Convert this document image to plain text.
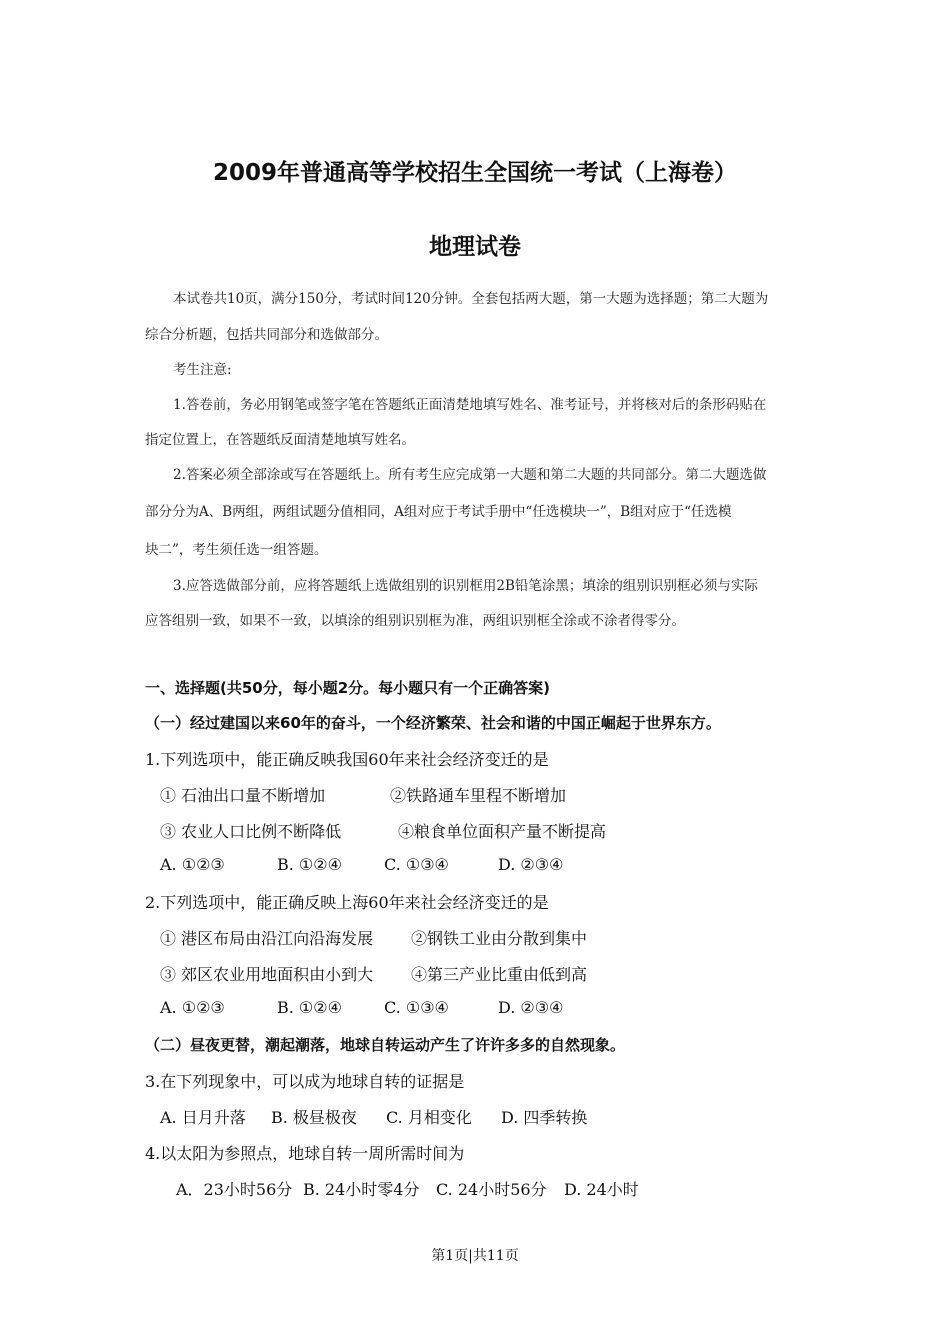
2009年普通高等学校招生全国统一考试（上海卷）
地理试卷
本试卷共10页，满分150分，考试时间120分钟。全套包括两大题，第一大题为选择题；第二大题为
综合分析题，包括共同部分和选做部分。
考生注意:
1.答卷前，务必用钢笔或签字笔在答题纸正面清楚地填写姓名、准考证号，并将核对后的条形码贴在
指定位置上，在答题纸反面清楚地填写姓名。
2.答案必须全部涂或写在答题纸上。所有考生应完成第一大题和第二大题的共同部分。第二大题选做
部分分为A、B两组，两组试题分值相同，A组对应于考试手册中“任选模块一”，B组对应于“任选模
块二”，考生须任选一组答题。
3.应答选做部分前，应将答题纸上选做组别的识别框用2B铅笔涂黑；填涂的组别识别框必须与实际
应答组别一致，如果不一致，以填涂的组别识别框为准，两组识别框全涂或不涂者得零分。
一、选择题(共50分，每小题2分。每小题只有一个正确答案)
（一）经过建国以来60年的奋斗，一个经济繁荣、社会和谐的中国正崛起于世界东方。
1.下列选项中，能正确反映我国60年来社会经济变迁的是
① 石油出口量不断增加	②铁路通车里程不断增加
③ 农业人口比例不断降低	④粮食单位面积产量不断提高
A. ①②③	B. ①②④	C. ①③④	D. ②③④
2.下列选项中，能正确反映上海60年来社会经济变迁的是
① 港区布局由沿江向沿海发展 ②钢铁工业由分散到集中
③ 郊区农业用地面积由小到大 ④第三产业比重由低到高
A. ①②③	B. ①②④	C. ①③④	D. ②③④
（二）昼夜更替，潮起潮落，地球自转运动产生了许许多多的自然现象。
3.在下列现象中，可以成为地球自转的证据是
A. 日月升落 B. 极昼极夜 C. 月相变化 D. 四季转换
4.以太阳为参照点，地球自转一周所需时间为
A．23小时56分 B. 24小时零4分 C. 24小时56分 D. 24小时
第1页|共11页
